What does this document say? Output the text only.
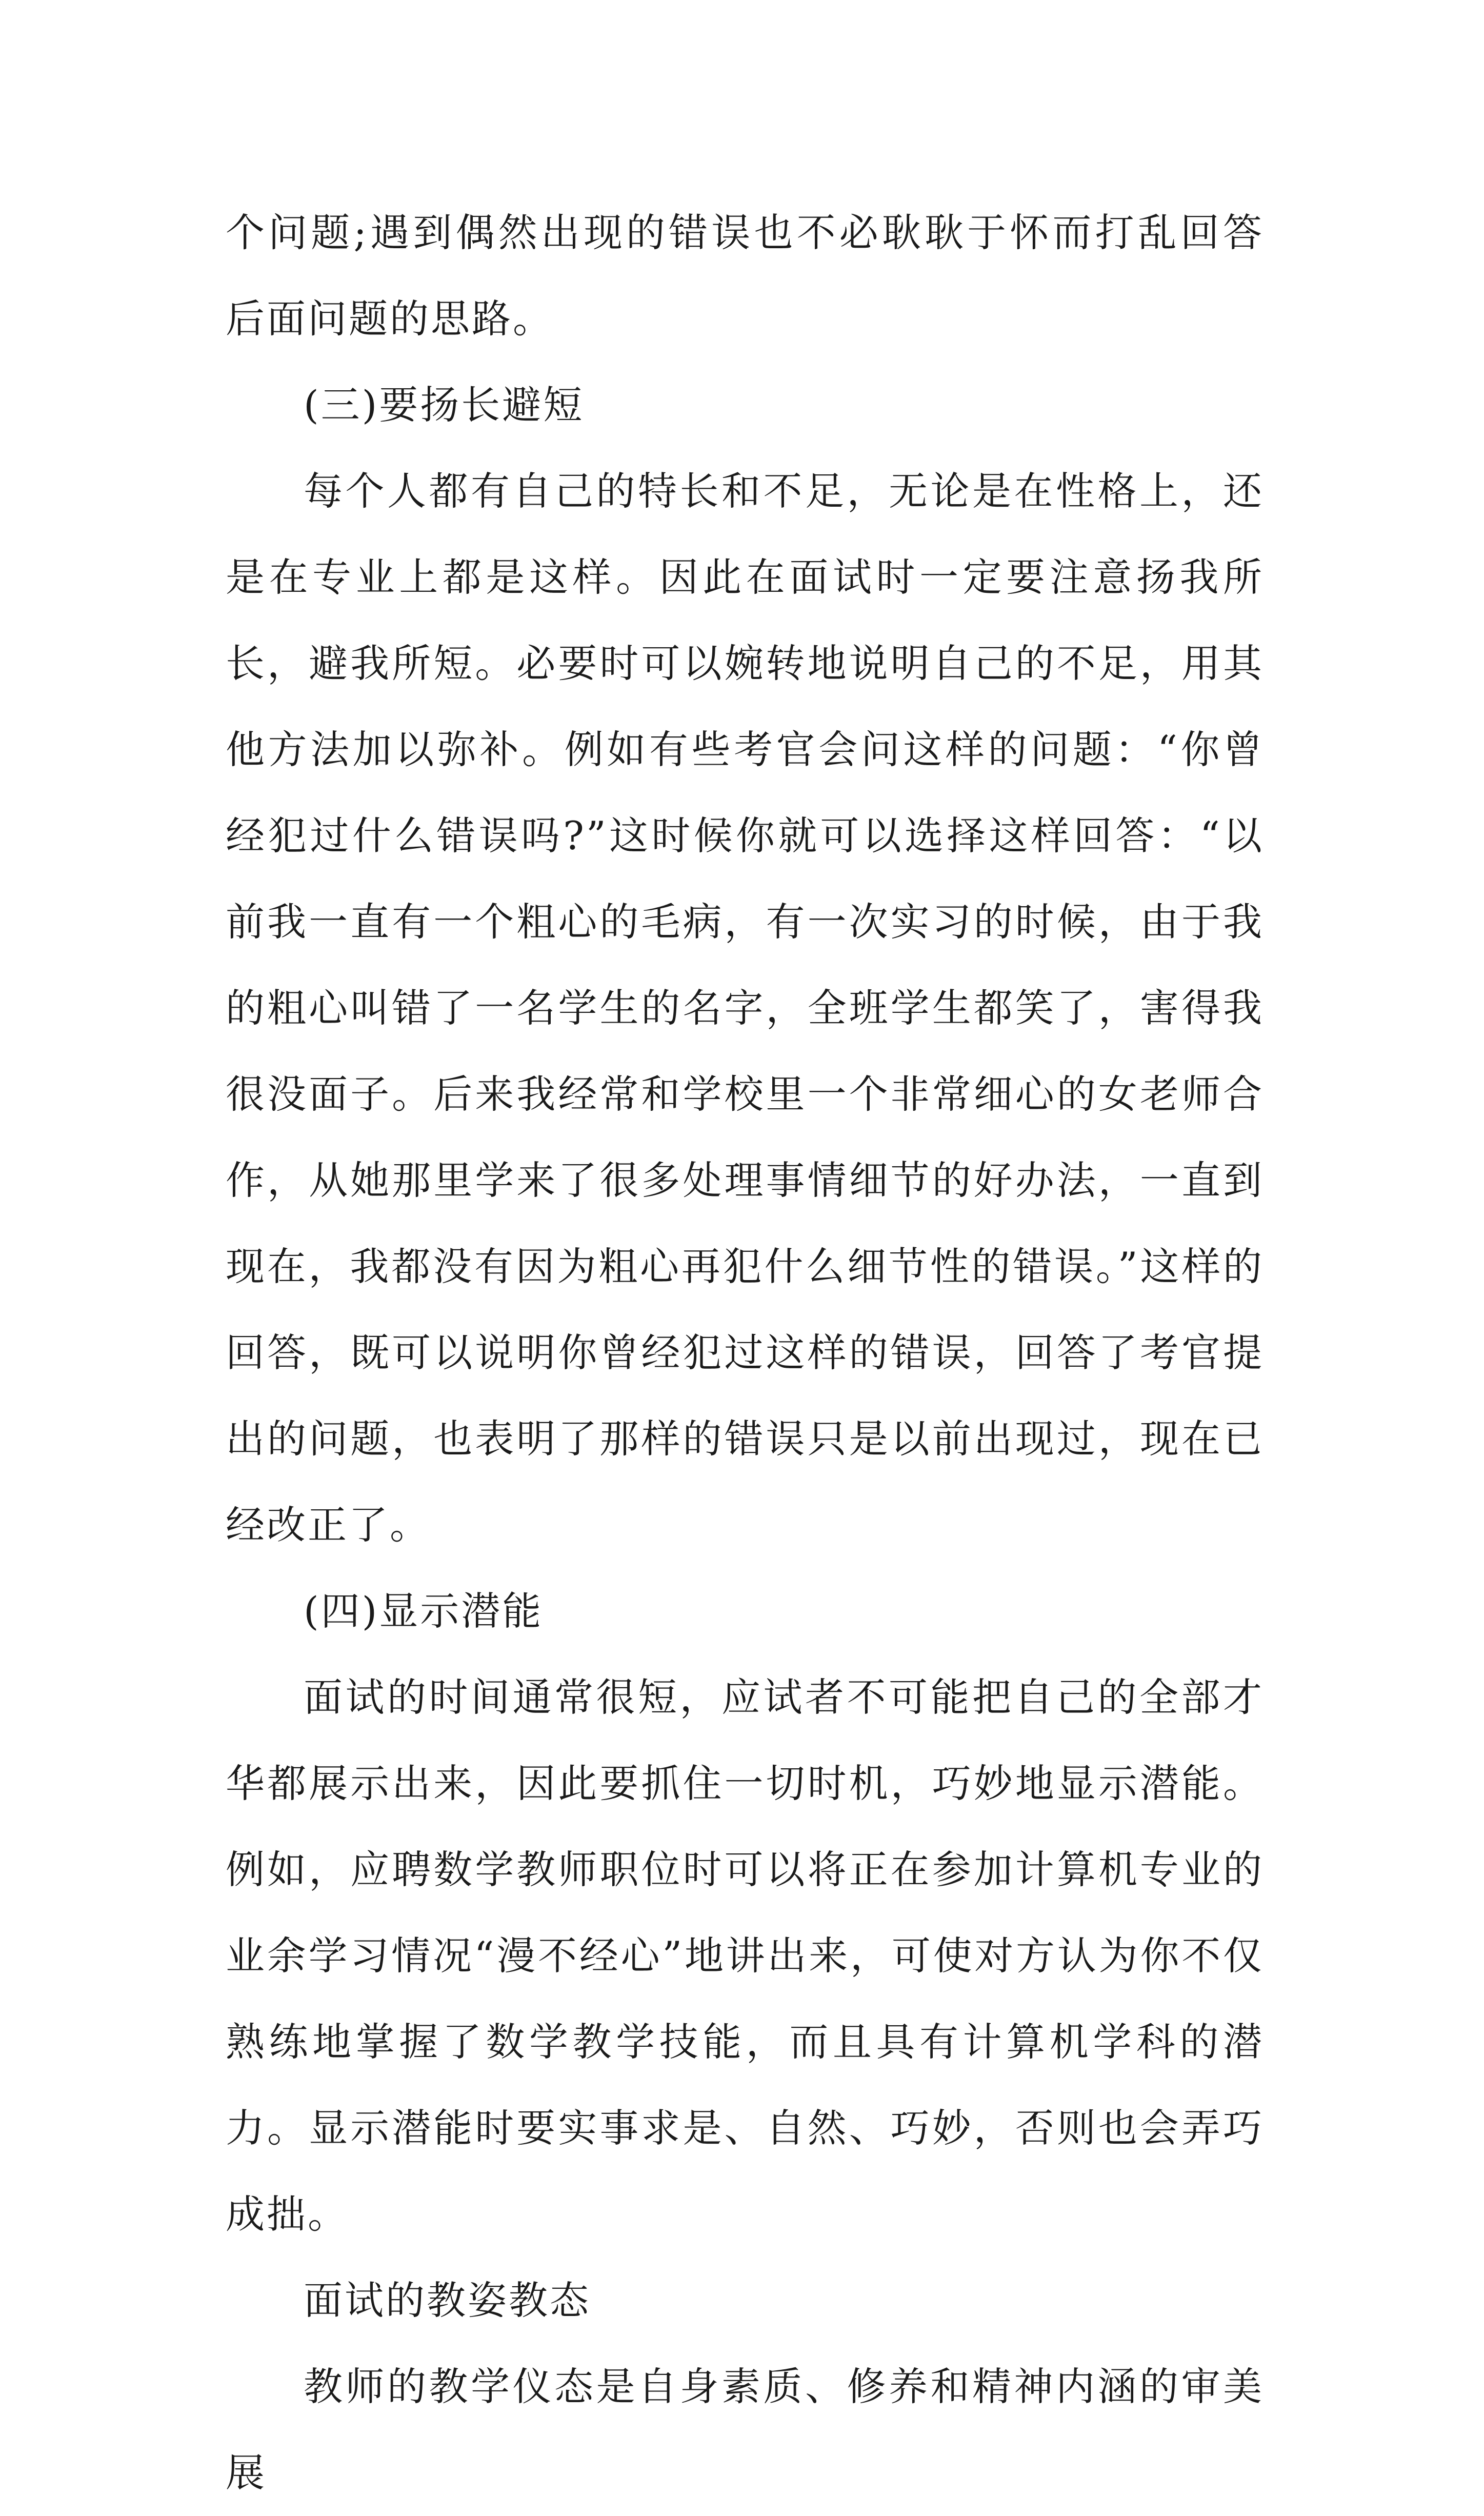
个问题;遇到偶然出现的错误也不必耿耿于怀而打乱回答后面问题的思路。

(三)要扬长避短

每个人都有自己的特长和不足，无论是在性格上，还是在专业上都是这样。因此在面试时一定要注意扬我所长，避我所短。必要时可以婉转地说明自己的不足，用其他方法加以弥补。例如有些考官会问这样的问题：“你曾经犯过什么错误吗?”这时候你就可以选择这样回答：“以前我一直有一个粗心的毛病，有一次实习的时候，由于我的粗心叫错了一名学生的名字，全班学生都笑了，害得我很没面子。后来我经常和学校里一个非常细心的女老师合作，从她那里学来了很多处理事情细节的好办法，一直到现在，我都没有因为粗心再犯什么细节性的错误。”这样的回答，既可以说明你曾经犯过这样的错误，回答了考官提出的问题，也表明了那样的错误只是以前出现过，现在已经改正了。

(四)显示潜能

面试的时间通常很短，应试者不可能把自己的全部才华都展示出来，因此要抓住一切时机，巧妙地显示潜能。例如，应聘数学教师职位时可以将正在参加计算机专业的业余学习情况“漫不经心”地讲出来，可使对方认为你不仅熟练地掌握了数学教学技能，而且具有计算机学科的潜力。显示潜能时要实事求是、自然、巧妙，否则也会弄巧成拙。

面试的教姿教态

教师的教学仪态是自身素质、修养和精神内涵的审美展
